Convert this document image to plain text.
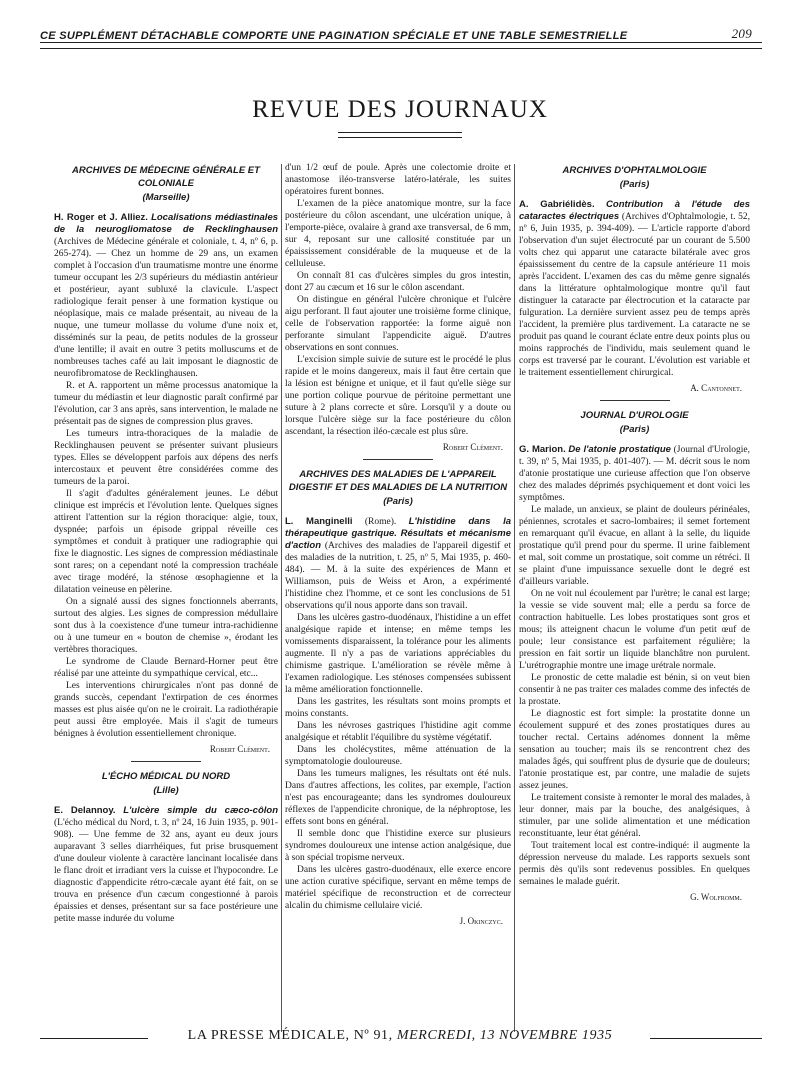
CE SUPPLÉMENT DÉTACHABLE COMPORTE UNE PAGINATION SPÉCIALE ET UNE TABLE SEMESTRIELLE	209
REVUE DES JOURNAUX
ARCHIVES DE MÉDECINE GÉNÉRALE ET COLONIALE
(Marseille)

H. Roger et J. Alliez. Localisations médiastinales de la neurogliomatose de Recklinghausen (Archives de Médecine générale et coloniale, t. 4, nº 6, p. 265-274). — Chez un homme de 29 ans, un examen complet à l'occasion d'un traumatisme montre une énorme tumeur occupant les 2/3 supérieurs du médiastin antérieur et postérieur, ayant subluxé la clavicule. L'aspect radiologique ferait penser à une formation kystique ou néoplasique, mais ce malade présentait, au niveau de la nuque, une tumeur mollasse du volume d'une noix et, disséminés sur la peau, de petits nodules de la grosseur d'une lentille; il avait en outre 3 petits molluscums et de nombreuses taches café au lait imposant le diagnostic de neurofibromatose de Recklinghausen.

R. et A. rapportent un même processus anatomique la tumeur du médiastin et leur diagnostic paraît confirmé par l'évolution, car 3 ans après, sans intervention, le malade ne présentait pas de signes de compression plus graves.

Les tumeurs intra-thoraciques de la maladie de Recklinghausen peuvent se présenter suivant plusieurs types. Elles se développent parfois aux dépens des nerfs intercostaux et peuvent être considérées comme des tumeurs de la paroi.

Il s'agit d'adultes généralement jeunes. Le début clinique est imprécis et l'évolution lente. Quelques signes attirent l'attention sur la région thoracique: algie, toux, dyspnée; parfois un épisode grippal réveille ces symptômes et conduit à pratiquer une radiographie qui fixe le diagnostic. Les signes de compression médiastinale sont rares; on a cependant noté la compression trachéale avec tirage modéré, la sténose œsophagienne et la dilatation veineuse en pèlerine.

On a signalé aussi des signes fonctionnels aberrants, surtout des algies. Les signes de compression médullaire sont dus à la coexistence d'une tumeur intra-rachidienne ou à une tumeur en « bouton de chemise », érodant les vertèbres thoraciques.

Le syndrome de Claude Bernard-Horner peut être réalisé par une atteinte du sympathique cervical, etc...

Les interventions chirurgicales n'ont pas donné de grands succès, cependant l'extirpation de ces énormes masses est plus aisée qu'on ne le croirait. La radiothérapie peut aussi être employée. Mais il s'agit de tumeurs bénignes à évolution essentiellement chronique.

Robert Clément.

L'ÉCHO MÉDICAL DU NORD
(Lille)

E. Delannoy. L'ulcère simple du cæco-côlon (L'écho médical du Nord, t. 3, nº 24, 16 Juin 1935, p. 901-908). — Une femme de 32 ans, ayant eu deux jours auparavant 3 selles diarrhéiques, fut prise brusquement d'une douleur violente à caractère lancinant localisée dans le flanc droit et irradiant vers la cuisse et l'hypocondre. Le diagnostic d'appendicite rétro-cæcale ayant été fait, on se trouva en présence d'un cæcum congestionné à parois épaissies et denses, présentant sur sa face postérieure une petite masse indurée du volume

d'un 1/2 œuf de poule. Après une colectomie droite et anastomose iléo-transverse latéro-latérale, les suites opératoires furent bonnes.

L'examen de la pièce anatomique montre, sur la face postérieure du côlon ascendant, une ulcération unique, à l'emporte-pièce, ovalaire à grand axe transversal, de 6 mm, sur 4, reposant sur une callosité constituée par un épaississement considérable de la muqueuse et de la celluleuse.

On connaît 81 cas d'ulcères simples du gros intestin, dont 27 au cæcum et 16 sur le côlon ascendant.

On distingue en général l'ulcère chronique et l'ulcère aigu perforant. Il faut ajouter une troisième forme clinique, celle de l'observation rapportée: la forme aiguë non perforante simulant l'appendicite aiguë. D'autres observations en sont connues.

L'excision simple suivie de suture est le procédé le plus rapide et le moins dangereux, mais il faut être certain que la lésion est bénigne et unique, et il faut qu'elle siège sur une portion colique pourvue de péritoine permettant une suture à 2 plans correcte et sûre. Lorsqu'il y a doute ou lorsque l'ulcère siège sur la face postérieure du côlon ascendant, la résection iléo-cæcale est plus sûre.

Robert Clément.

ARCHIVES DES MALADIES DE L'APPAREIL DIGESTIF ET DES MALADIES DE LA NUTRITION
(Paris)

L. Manginelli (Rome). L'histidine dans la thérapeutique gastrique. Résultats et mécanisme d'action (Archives des maladies de l'appareil digestif et des maladies de la nutrition, t. 25, nº 5, Mai 1935, p. 460-484). — M. à la suite des expériences de Mann et Williamson, puis de Weiss et Aron, a expérimenté l'histidine chez l'homme, et ce sont les conclusions de 51 observations qu'il nous apporte dans son travail.

Dans les ulcères gastro-duodénaux, l'histidine a un effet analgésique rapide et intense; en même temps les vomissements disparaissent, la tolérance pour les aliments augmente. Il n'y a pas de variations appréciables du chimisme gastrique. L'amélioration se révèle même à l'examen radiologique. Les sténoses compensées subissent la même amélioration fonctionnelle.

Dans les gastrites, les résultats sont moins prompts et moins constants.

Dans les névroses gastriques l'histidine agit comme analgésique et rétablit l'équilibre du système végétatif.

Dans les cholécystites, même atténuation de la symptomatologie douloureuse.

Dans les tumeurs malignes, les résultats ont été nuls. Dans d'autres affections, les colites, par exemple, l'action n'est pas encourageante; dans les syndromes douloureux réflexes de l'appendicite chronique, de la néphroptose, les effets sont bons en général.

Il semble donc que l'histidine exerce sur plusieurs syndromes douloureux une intense action analgésique, due à son spécial tropisme nerveux.

Dans les ulcères gastro-duodénaux, elle exerce encore une action curative spécifique, servant en même temps de matériel spécifique de reconstruction et de correcteur alcalin du chimisme cellulaire vicié.

J. Okinczyc.

ARCHIVES D'OPHTALMOLOGIE
(Paris)

A. Gabriélidès. Contribution à l'étude des cataractes électriques (Archives d'Ophtalmologie, t. 52, nº 6, Juin 1935, p. 394-409). — L'article rapporte d'abord l'observation d'un sujet électrocuté par un courant de 5.500 volts chez qui apparut une cataracte bilatérale avec gros épaississement du centre de la capsule antérieure 11 mois après l'accident. L'examen des cas du même genre signalés dans la littérature ophtalmologique montre qu'il faut distinguer la cataracte par électrocution et la cataracte par fulguration. La dernière survient assez peu de temps après l'accident, la première plus tardivement. La cataracte ne se produit pas quand le courant éclate entre deux points plus ou moins rapprochés de l'individu, mais seulement quand le corps est traversé par le courant. L'évolution est variable et le traitement essentiellement chirurgical.

A. Cantonnet.

JOURNAL D'UROLOGIE
(Paris)

G. Marion. De l'atonie prostatique (Journal d'Urologie, t. 39, nº 5, Mai 1935, p. 401-407). — M. décrit sous le nom d'atonie prostatique une curieuse affection que l'on observe chez des malades déprimés psychiquement et dont voici les symptômes.

Le malade, un anxieux, se plaint de douleurs périnéales, péniennes, scrotales et sacro-lombaires; il semet fortement en remarquant qu'il évacue, en allant à la selle, du liquide prostatique qu'il prend pour du sperme. Il urine faiblement et mal, soit comme un prostatique, soit comme un rétréci. Il se plaint d'une impuissance sexuelle dont le degré est d'ailleurs variable.

On ne voit nul écoulement par l'urètre; le canal est large; la vessie se vide souvent mal; elle a perdu sa force de contraction habituelle. Les lobes prostatiques sont gros et mous; ils atteignent chacun le volume d'un petit œuf de poule; leur consistance est parfaitement régulière; la pression en fait sortir un liquide blanchâtre non purulent. L'urétrographie montre une image urétrale normale.

Le pronostic de cette maladie est bénin, si on veut bien consentir à ne pas traiter ces malades comme des infectés de la prostate.

Le diagnostic est fort simple: la prostatite donne un écoulement suppuré et des zones prostatiques dures au toucher rectal. Certains adénomes donnent la même sensation au toucher; mais ils se rencontrent chez des malades âgés, qui souffrent plus de dysurie que de douleurs; l'atonie prostatique est, par contre, une maladie de sujets assez jeunes.

Le traitement consiste à remonter le moral des malades, à leur donner, mais par la bouche, des analgésiques, à stimuler, par une solide alimentation et une médication reconstituante, leur état général.

Tout traitement local est contre-indiqué: il augmente la dépression nerveuse du malade. Les rapports sexuels sont permis dès qu'ils sont redevenus possibles. En quelques semaines le malade guérit.

G. Wolfromm.

LA PRESSE MÉDICALE, Nº 91, MERCREDI, 13 NOVEMBRE 1935
